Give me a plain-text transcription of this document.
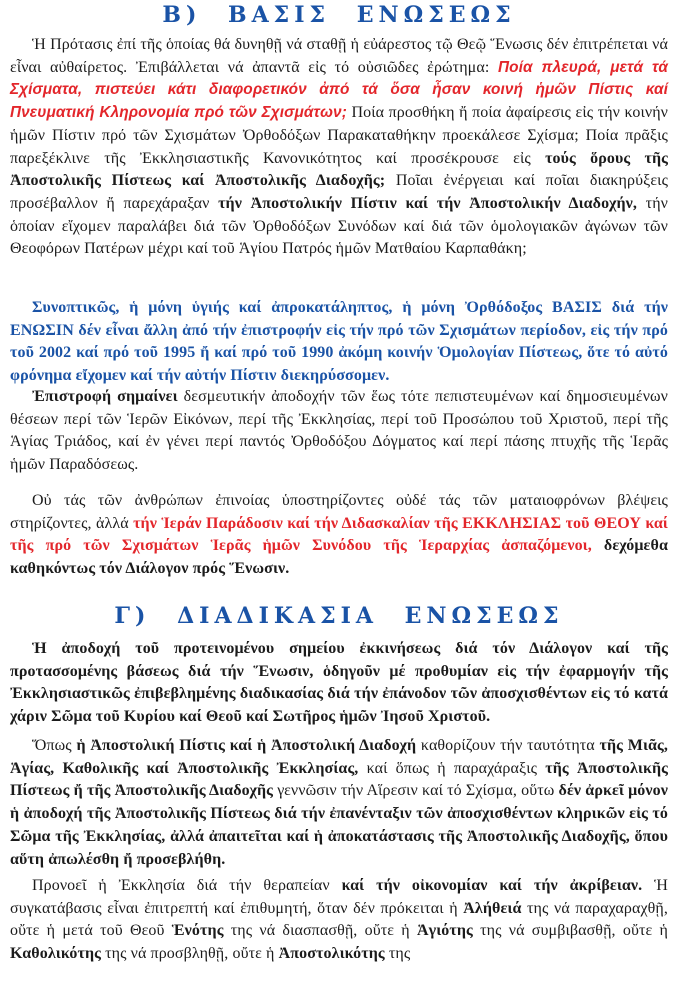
Β) ΒΑΣΙΣ ΕΝΩΣΕΩΣ

Ἡ Πρότασις ἐπί τῆς ὁποίας θά δυνηθῇ νά σταθῇ ἡ εὐάρεστος τῷ Θεῷ Ἕνωσις δέν ἐπιτρέπεται νά εἶναι αὐθαίρετος. Ἐπιβάλλεται νά ἀπαντᾶ εἰς τό οὐσιῶδες ἐρώτημα: Ποία πλευρά, μετά τά Σχίσματα, πιστεύει κάτι διαφορετικόν ἀπό τά ὅσα ἦσαν κοινή ἡμῶν Πίστις καί Πνευματική Κληρονομία πρό τῶν Σχισμάτων; Ποία προσθήκη ἤ ποία ἀφαίρεσις εἰς τήν κοινήν ἡμῶν Πίστιν πρό τῶν Σχισμάτων Ὀρθοδόξων Παρακαταθήκην προεκάλεσε Σχίσμα; Ποία πρᾶξις παρεξέκλινε τῆς Ἐκκλησιαστικῆς Κανονικότητος καί προσέκρουσε εἰς τούς ὅρους τῆς Ἀποστολικῆς Πίστεως καί Ἀποστολικῆς Διαδοχῆς; Ποῖαι ἐνέργειαι καί ποῖαι διακηρύξεις προσέβαλλον ἤ παρεχάραξαν τήν Ἀποστολικήν Πίστιν καί τήν Ἀποστολικήν Διαδοχήν, τήν ὁποίαν εἴχομεν παραλάβει διά τῶν Ὀρθοδόξων Συνόδων καί διά τῶν ὁμολογιακῶν ἀγώνων τῶν Θεοφόρων Πατέρων μέχρι καί τοῦ Ἁγίου Πατρός ἡμῶν Ματθαίου Καρπαθάκη;

Συνοπτικῶς, ἡ μόνη ὑγιής καί ἀπροκατάληπτος, ἡ μόνη Ὀρθόδοξος ΒΑΣΙΣ διά τήν ΕΝΩΣΙΝ δέν εἶναι ἄλλη ἀπό τήν ἐπιστροφήν εἰς τήν πρό τῶν Σχισμάτων περίοδον, εἰς τήν πρό τοῦ 2002 καί πρό τοῦ 1995 ἤ καί πρό τοῦ 1990 ἀκόμη κοινήν Ὁμολογίαν Πίστεως, ὅτε τό αὐτό φρόνημα εἴχομεν καί τήν αὐτήν Πίστιν διεκηρύσσομεν.

Ἐπιστροφή σημαίνει δεσμευτικήν ἀποδοχήν τῶν ἕως τότε πεπιστευμένων καί δημοσιευμένων θέσεων περί τῶν Ἱερῶν Εἰκόνων, περί τῆς Ἐκκλησίας, περί τοῦ Προσώπου τοῦ Χριστοῦ, περί τῆς Ἁγίας Τριάδος, καί ἐν γένει περί παντός Ὀρθοδόξου Δόγματος καί περί πάσης πτυχῆς τῆς Ἱερᾶς ἡμῶν Παραδόσεως.

Οὐ τάς τῶν ἀνθρώπων ἐπινοίας ὑποστηρίζοντες οὐδέ τάς τῶν ματαιοφρόνων βλέψεις στηρίζοντες, ἀλλά τήν Ἱεράν Παράδοσιν καί τήν Διδασκαλίαν τῆς ΕΚΚΛΗΣΙΑΣ τοῦ ΘΕΟΥ καί τῆς πρό τῶν Σχισμάτων Ἱερᾶς ἡμῶν Συνόδου τῆς Ἱεραρχίας ἀσπαζόμενοι, δεχόμεθα καθηκόντως τόν Διάλογον πρός Ἕνωσιν.

Γ) ΔΙΑΔΙΚΑΣΙΑ ΕΝΩΣΕΩΣ

Ἡ ἀποδοχή τοῦ προτεινομένου σημείου ἐκκινήσεως διά τόν Διάλογον καί τῆς προτασσομένης βάσεως διά τήν Ἕνωσιν, ὁδηγοῦν μέ προθυμίαν εἰς τήν ἐφαρμογήν τῆς Ἐκκλησιαστικῶς ἐπιβεβλημένης διαδικασίας διά τήν ἐπάνοδον τῶν ἀποσχισθέντων εἰς τό κατά χάριν Σῶμα τοῦ Κυρίου καί Θεοῦ καί Σωτῆρος ἡμῶν Ἰησοῦ Χριστοῦ.

Ὅπως ἡ Ἀποστολική Πίστις καί ἡ Ἀποστολική Διαδοχή καθορίζουν τήν ταυτότητα τῆς Μιᾶς, Ἁγίας, Καθολικῆς καί Ἀποστολικῆς Ἐκκλησίας, καί ὅπως ἡ παραχάραξις τῆς Ἀποστολικῆς Πίστεως ἤ τῆς Ἀποστολικῆς Διαδοχῆς γεννῶσιν τήν Αἵρεσιν καί τό Σχίσμα, οὕτω δέν ἀρκεῖ μόνον ἡ ἀποδοχή τῆς Ἀποστολικῆς Πίστεως διά τήν ἐπανένταξιν τῶν ἀποσχισθέντων κληρικῶν εἰς τό Σῶμα τῆς Ἐκκλησίας, ἀλλά ἀπαιτεῖται καί ἡ ἀποκατάστασις τῆς Ἀποστολικῆς Διαδοχῆς, ὅπου αὕτη ἀπωλέσθη ἤ προσεβλήθη.

Προνοεῖ ἡ Ἐκκλησία διά τήν θεραπείαν καί τήν οἰκονομίαν καί τήν ἀκρίβειαν. Ἡ συγκατάβασις εἶναι ἐπιτρεπτή καί ἐπιθυμητή, ὅταν δέν πρόκειται ἡ Ἀλήθειά της νά παραχαραχθῇ, οὔτε ἡ μετά τοῦ Θεοῦ Ἑνότης της νά διασπασθῇ, οὔτε ἡ Ἁγιότης της νά συμβιβασθῇ, οὔτε ἡ Καθολικότης της νά προσβληθῇ, οὔτε ἡ Ἀποστολικότης της
